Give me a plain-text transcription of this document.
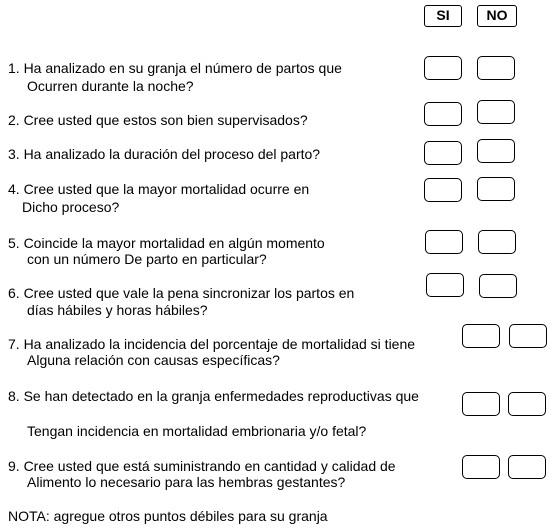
SI	NO
1. Ha analizado en su granja el número de partos que
Ocurren durante la noche?
2. Cree usted que estos son bien supervisados?
3. Ha analizado la duración del proceso del parto?
4. Cree usted que la mayor mortalidad ocurre en
Dicho proceso?
5. Coincide la mayor mortalidad en algún momento
con un número De parto en particular?
6. Cree usted que vale la pena sincronizar los partos en
días hábiles y horas hábiles?
7. Ha analizado la incidencia del porcentaje de mortalidad si tiene
Alguna relación con causas específicas?
8. Se han detectado en la granja enfermedades reproductivas que
Tengan incidencia en mortalidad embrionaria y/o fetal?
9. Cree usted que está suministrando en cantidad y calidad de
Alimento lo necesario para las hembras gestantes?
NOTA: agregue otros puntos débiles para su granja
